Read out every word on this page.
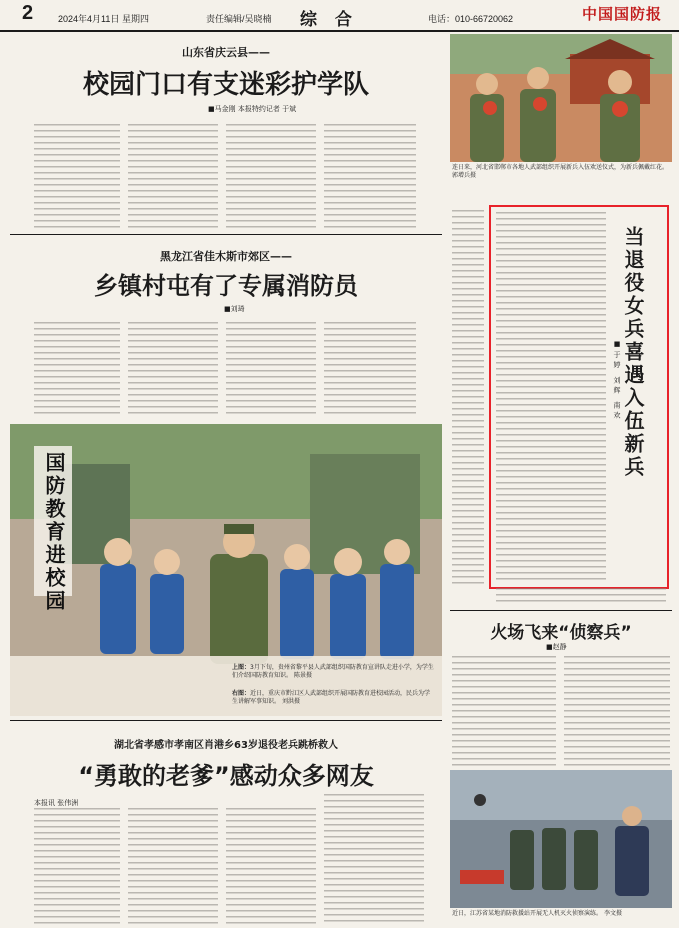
2	2024年4月11日 星期四	责任编辑/吴晓楠 综 合	电话：010-66720062	中国国防报
山东省庆云县——
校园门口有支迷彩护学队
■马金刚 本报特约记者 于斌
黑龙江省佳木斯市郊区——
乡镇村屯有了专属消防员
■刘琦
国防教育进校园
上图：3月下旬，贵州省黎平县人武部组织国防教育宣讲队走进小学，为学生们介绍国防教育知识。 陈景摄
右图：近日，重庆市黔江区人武部组织开展国防教育进校园活动，民兵为学生讲解军事知识。 刘洪摄
湖北省孝感市孝南区肖港乡63岁退役老兵跳桥救人
“勇敢的老爹”感动众多网友
本报讯 张伟洲
连日来，河北省邯郸市各地人武部组织开展新兵入伍欢送仪式，为新兵佩戴红花。 郭增兵摄
当退役女兵喜遇入伍新兵
■于婷 刘辉 南欢
火场飞来“侦察兵”
■赵静
近日，江苏省某地消防救援站开展无人机灭火侦察演练。 李文摄
